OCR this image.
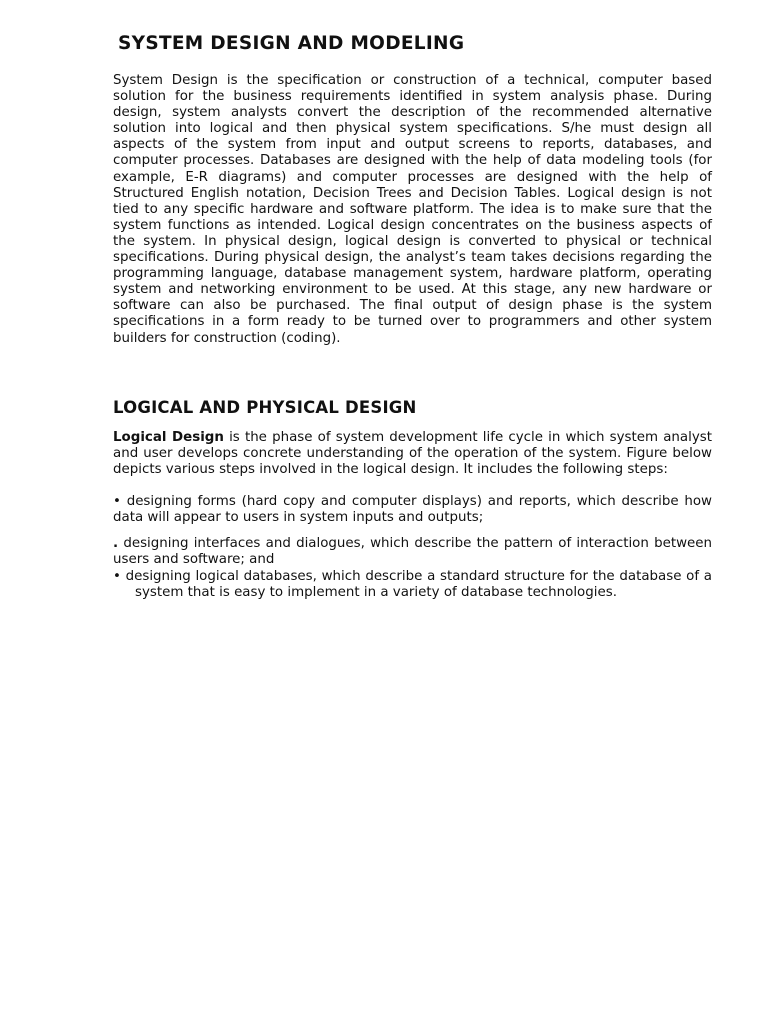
SYSTEM DESIGN AND MODELING

System Design is the specification or construction of a technical, computer based solution for the business requirements identified in system analysis phase. During design, system analysts convert the description of the recommended alternative solution into logical and then physical system specifications. S/he must design all aspects of the system from input and output screens to reports, databases, and computer processes. Databases are designed with the help of data modeling tools (for example, E-R diagrams) and computer processes are designed with the help of Structured English notation, Decision Trees and Decision Tables. Logical design is not tied to any specific hardware and software platform. The idea is to make sure that the system functions as intended. Logical design concentrates on the business aspects of the system. In physical design, logical design is converted to physical or technical specifications. During physical design, the analyst’s team takes decisions regarding the programming language, database management system, hardware platform, operating system and networking environment to be used. At this stage, any new hardware or software can also be purchased. The final output of design phase is the system specifications in a form ready to be turned over to programmers and other system builders for construction (coding).

LOGICAL AND PHYSICAL DESIGN

Logical Design is the phase of system development life cycle in which system analyst and user develops concrete understanding of the operation of the system. Figure below depicts various steps involved in the logical design. It includes the following steps:

• designing forms (hard copy and computer displays) and reports, which describe how data will appear to users in system inputs and outputs;

. designing interfaces and dialogues, which describe the pattern of interaction between users and software; and

• designing logical databases, which describe a standard structure for the database of a system that is easy to implement in a variety of database technologies.
